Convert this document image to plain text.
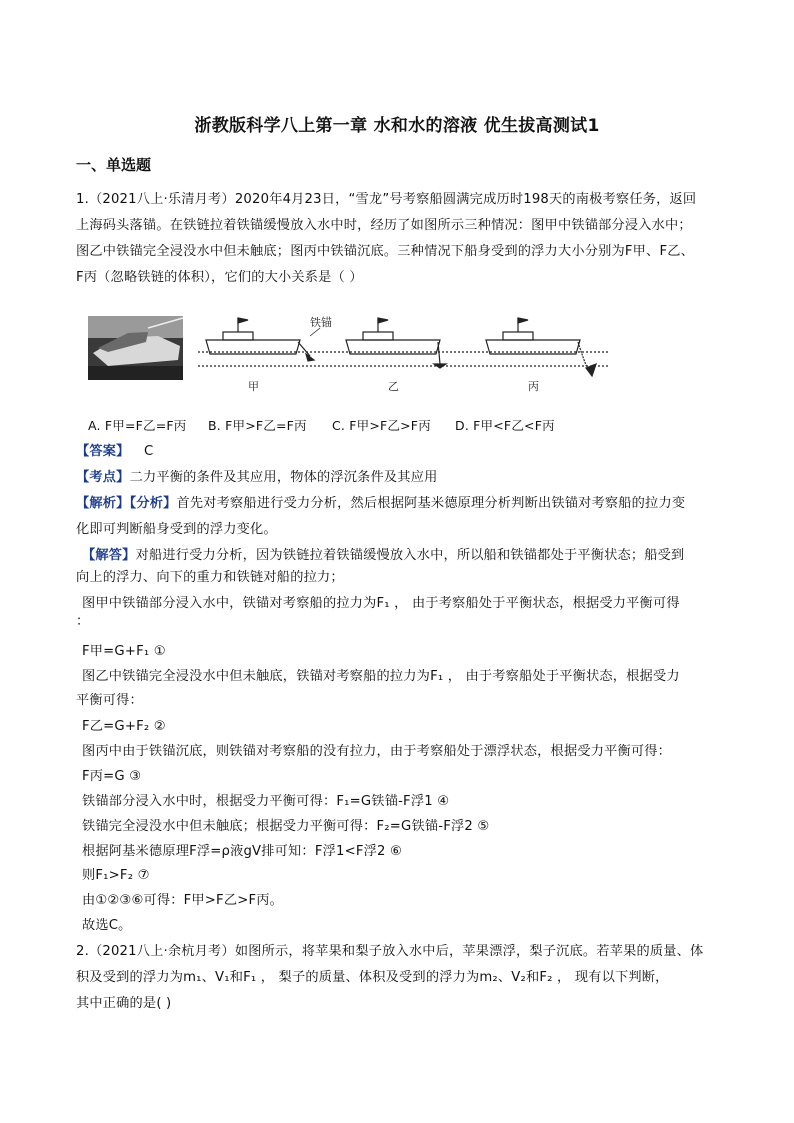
浙教版科学八上第一章 水和水的溶液 优生拔高测试1
一、单选题
1.（2021八上·乐清月考）2020年4月23日，“雪龙”号考察船圆满完成历时198天的南极考察任务，返回
上海码头落锚。在铁链拉着铁锚缓慢放入水中时，经历了如图所示三种情况：图甲中铁锚部分浸入水中；
图乙中铁锚完全浸没水中但未触底；图丙中铁锚沉底。三种情况下船身受到的浮力大小分别为F甲、F乙、
F丙（忽略铁链的体积），它们的大小关系是（ ）
铁锚
甲	乙	丙
A. F甲=F乙=F丙 B. F甲>F乙=F丙 C. F甲>F乙>F丙 D. F甲<F乙<F丙
【答案】 C
【考点】二力平衡的条件及其应用，物体的浮沉条件及其应用
【解析】【分析】首先对考察船进行受力分析，然后根据阿基米德原理分析判断出铁锚对考察船的拉力变
化即可判断船身受到的浮力变化。
【解答】对船进行受力分析，因为铁链拉着铁锚缓慢放入水中，所以船和铁锚都处于平衡状态；船受到
向上的浮力、向下的重力和铁链对船的拉力；
图甲中铁锚部分浸入水中，铁锚对考察船的拉力为F₁ ， 由于考察船处于平衡状态，根据受力平衡可得
：
F甲=G+F₁ ①
图乙中铁锚完全浸没水中但未触底，铁锚对考察船的拉力为F₁ ， 由于考察船处于平衡状态，根据受力
平衡可得：
F乙=G+F₂ ②
图丙中由于铁锚沉底，则铁锚对考察船的没有拉力，由于考察船处于漂浮状态，根据受力平衡可得：
F丙=G ③
铁锚部分浸入水中时，根据受力平衡可得：F₁=G铁锚-F浮1 ④
铁锚完全浸没水中但未触底；根据受力平衡可得：F₂=G铁锚-F浮2 ⑤
根据阿基米德原理F浮=ρ液gV排可知：F浮1<F浮2 ⑥
则F₁>F₂ ⑦
由①②③⑥可得：F甲>F乙>F丙。
故选C。
2.（2021八上·余杭月考）如图所示，将苹果和梨子放入水中后，苹果漂浮，梨子沉底。若苹果的质量、体
积及受到的浮力为m₁、V₁和F₁ ， 梨子的质量、体积及受到的浮力为m₂、V₂和F₂ ， 现有以下判断，
其中正确的是( )
